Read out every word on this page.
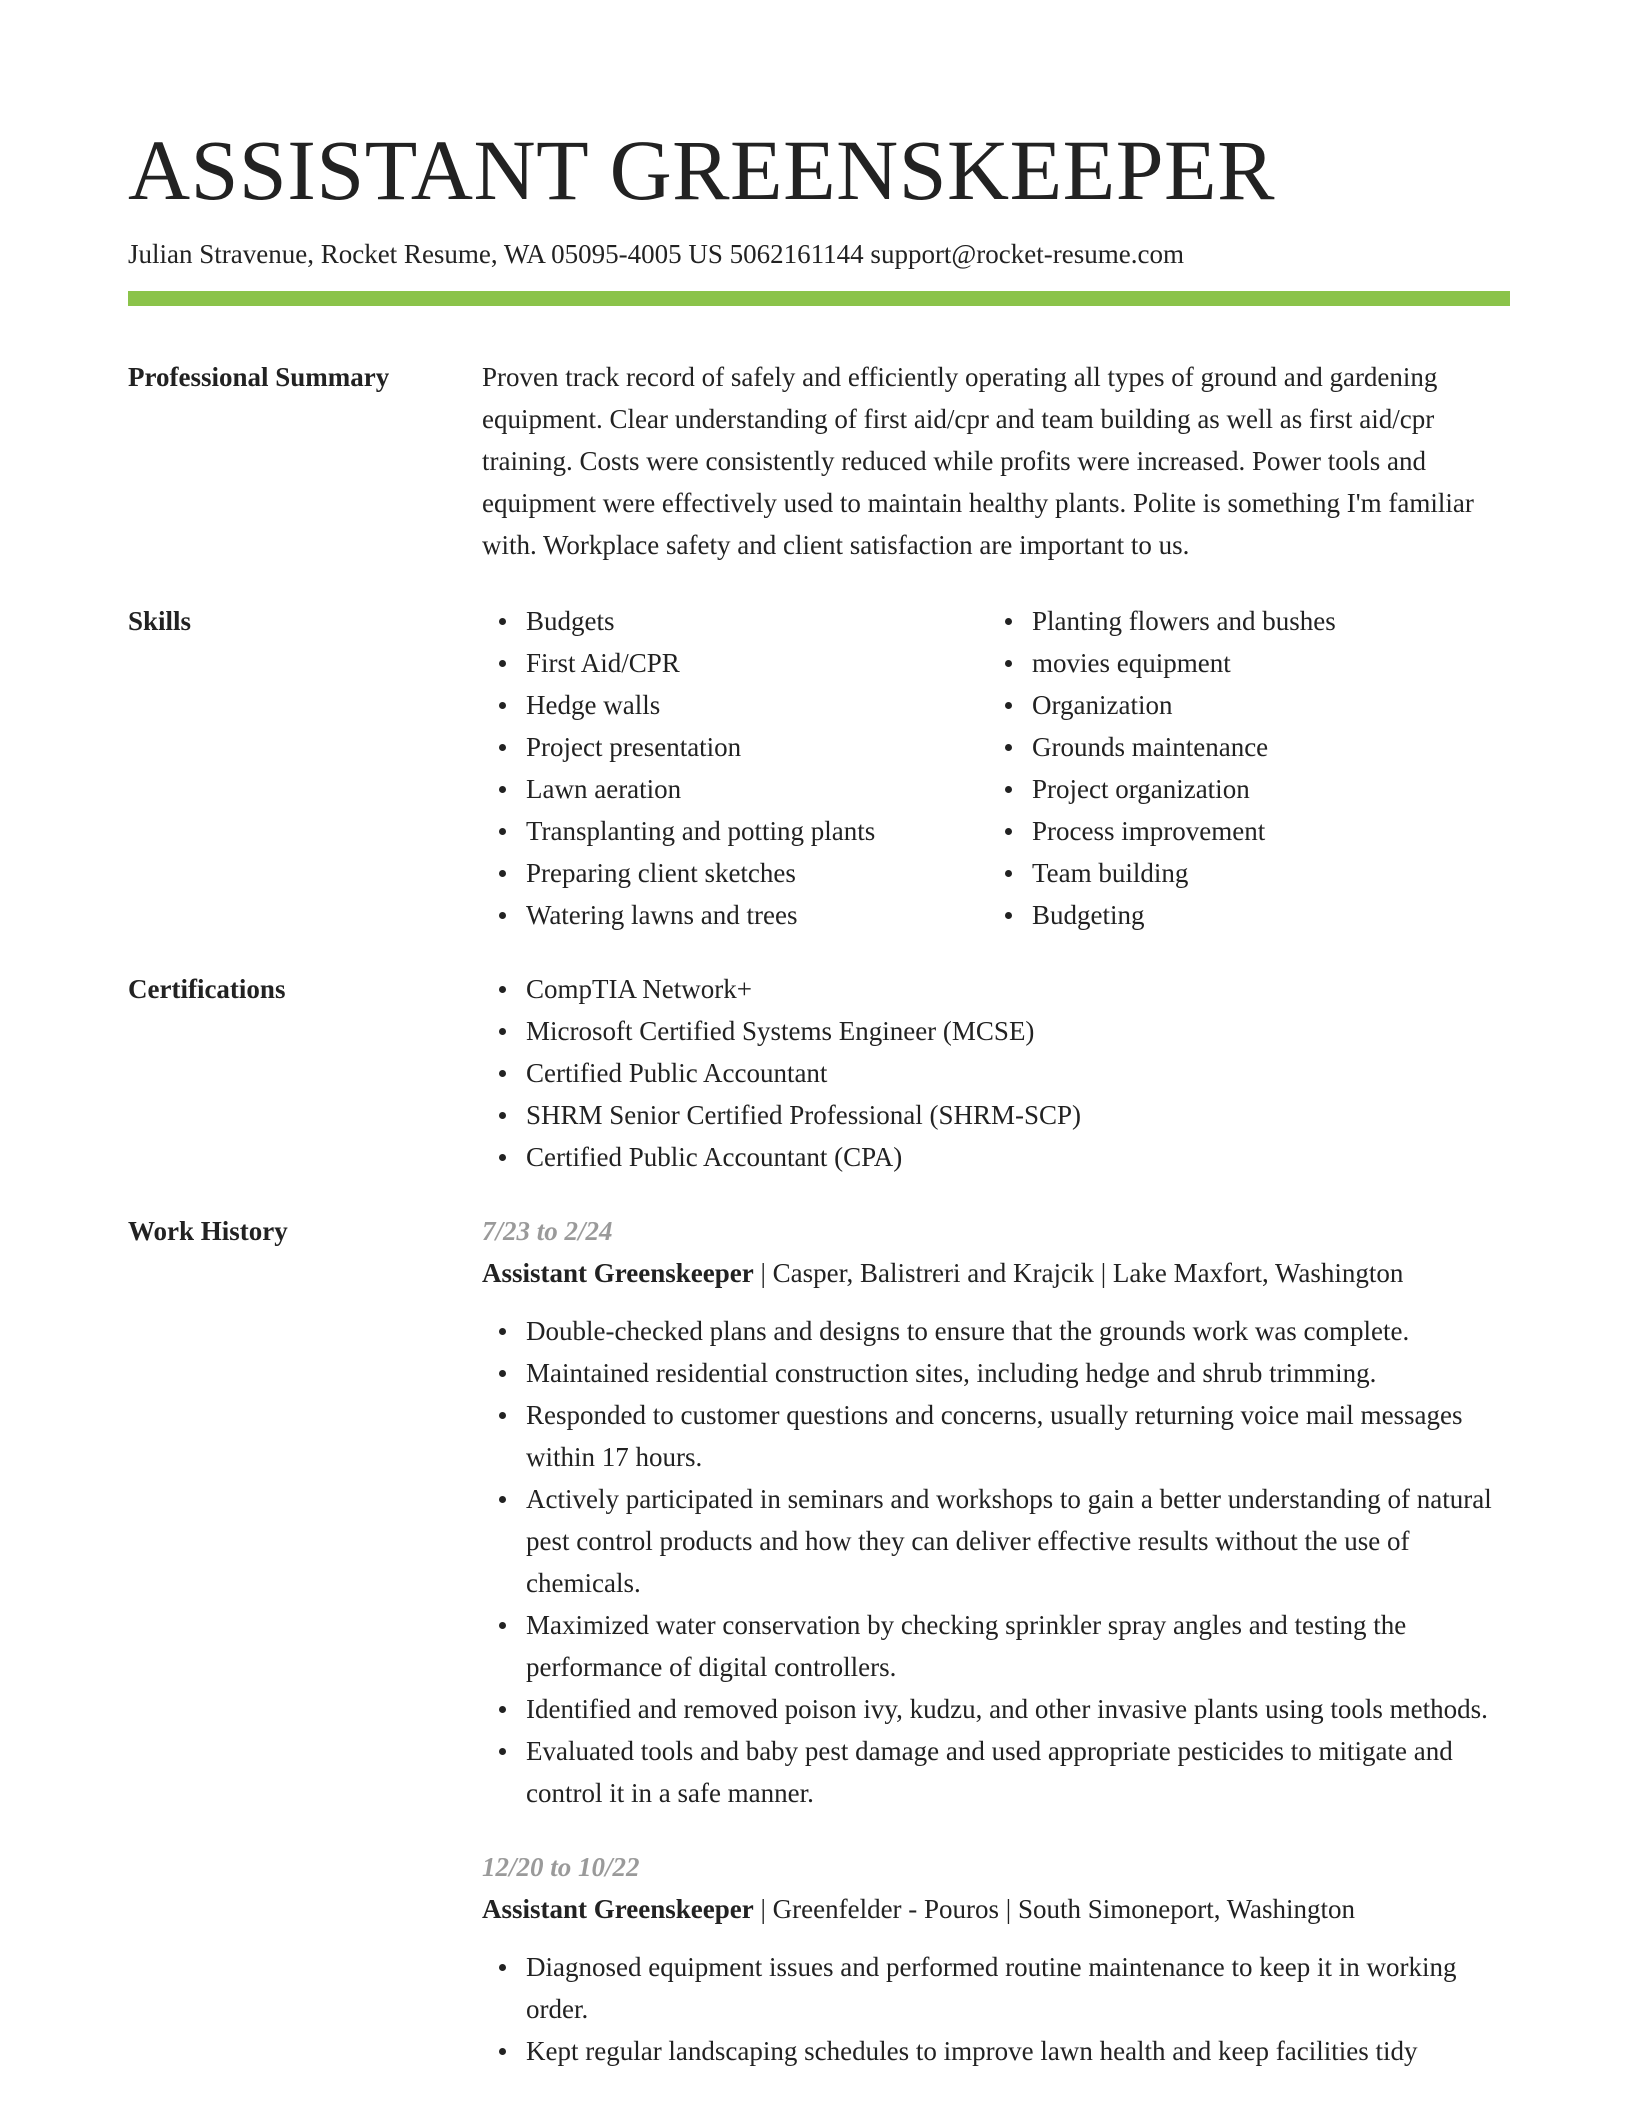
ASSISTANT GREENSKEEPER
Julian Stravenue, Rocket Resume, WA 05095-4005 US 5062161144 support@rocket-resume.com
Professional Summary	Proven track record of safely and efficiently operating all types of ground and gardening equipment. Clear understanding of first aid/cpr and team building as well as first aid/cpr training. Costs were consistently reduced while profits were increased. Power tools and equipment were effectively used to maintain healthy plants. Polite is something I'm familiar with. Workplace safety and client satisfaction are important to us.
Skills	Budgets
First Aid/CPR
Hedge walls
Project presentation
Lawn aeration
Transplanting and potting plants
Preparing client sketches
Watering lawns and trees
Planting flowers and bushes
movies equipment
Organization
Grounds maintenance
Project organization
Process improvement
Team building
Budgeting
Certifications	CompTIA Network+
Microsoft Certified Systems Engineer (MCSE)
Certified Public Accountant
SHRM Senior Certified Professional (SHRM-SCP)
Certified Public Accountant (CPA)
Work History	7/23 to 2/24
Assistant Greenskeeper | Casper, Balistreri and Krajcik | Lake Maxfort, Washington
Double-checked plans and designs to ensure that the grounds work was complete.
Maintained residential construction sites, including hedge and shrub trimming.
Responded to customer questions and concerns, usually returning voice mail messages within 17 hours.
Actively participated in seminars and workshops to gain a better understanding of natural pest control products and how they can deliver effective results without the use of chemicals.
Maximized water conservation by checking sprinkler spray angles and testing the performance of digital controllers.
Identified and removed poison ivy, kudzu, and other invasive plants using tools methods.
Evaluated tools and baby pest damage and used appropriate pesticides to mitigate and control it in a safe manner.
12/20 to 10/22
Assistant Greenskeeper | Greenfelder - Pouros | South Simoneport, Washington
Diagnosed equipment issues and performed routine maintenance to keep it in working order.
Kept regular landscaping schedules to improve lawn health and keep facilities tidy
